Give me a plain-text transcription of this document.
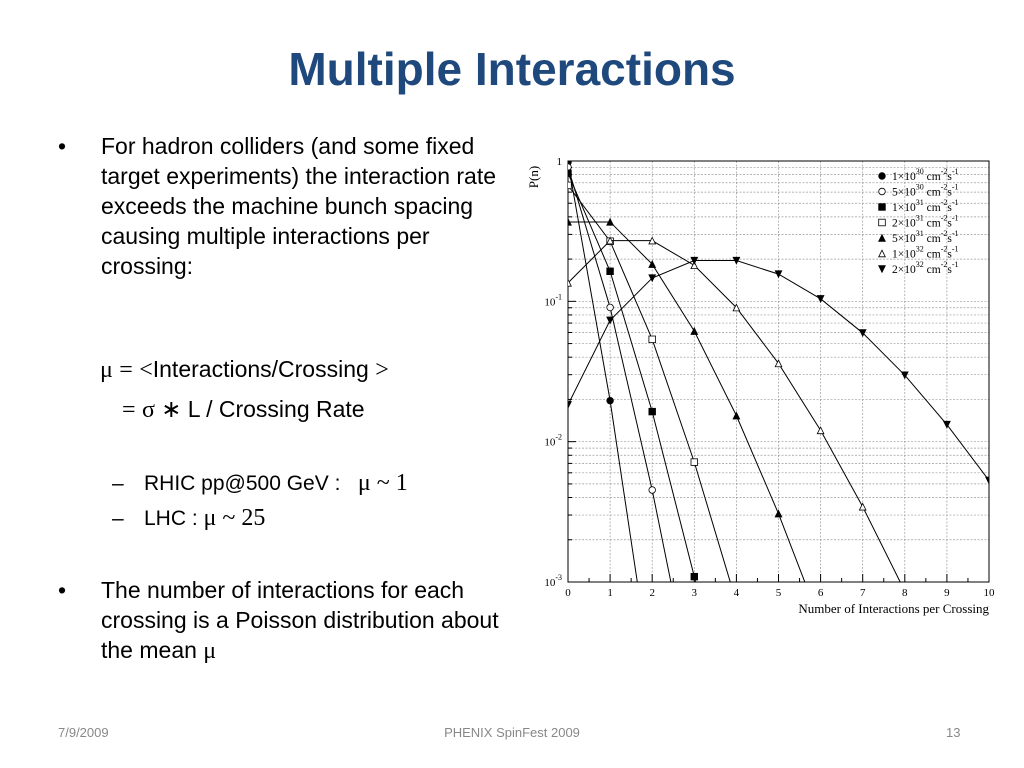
Multiple Interactions
• For hadron colliders (and some fixed target experiments) the interaction rate exceeds the machine bunch spacing causing multiple interactions per crossing:
μ = <Interactions/Crossing >
= σ ∗ L / Crossing Rate
– RHIC pp@500 GeV : μ ~ 1
– LHC : μ ~ 25
• The number of interactions for each crossing is a Poisson distribution about the mean μ
1
$10^{-1}$
$10^{-2}$
$10^{-3}$
0	1	2	3	4	5	6	7	8	9	10
P(n)
Number of Interactions per Crossing
$1\times 10^{30}$ $cm^{-2}s^{-1}$
$5\times 10^{30}$ $cm^{-2}s^{-1}$
$1\times 10^{31}$ $cm^{-2}s^{-1}$
$2\times 10^{31}$ $cm^{-2}s^{-1}$
$5\times 10^{31}$ $cm^{-2}s^{-1}$
$1\times 10^{32}$ $cm^{-2}s^{-1}$
$2\times 10^{32}$ $cm^{-2}s^{-1}$
7/9/2009	PHENIX SpinFest 2009	13
